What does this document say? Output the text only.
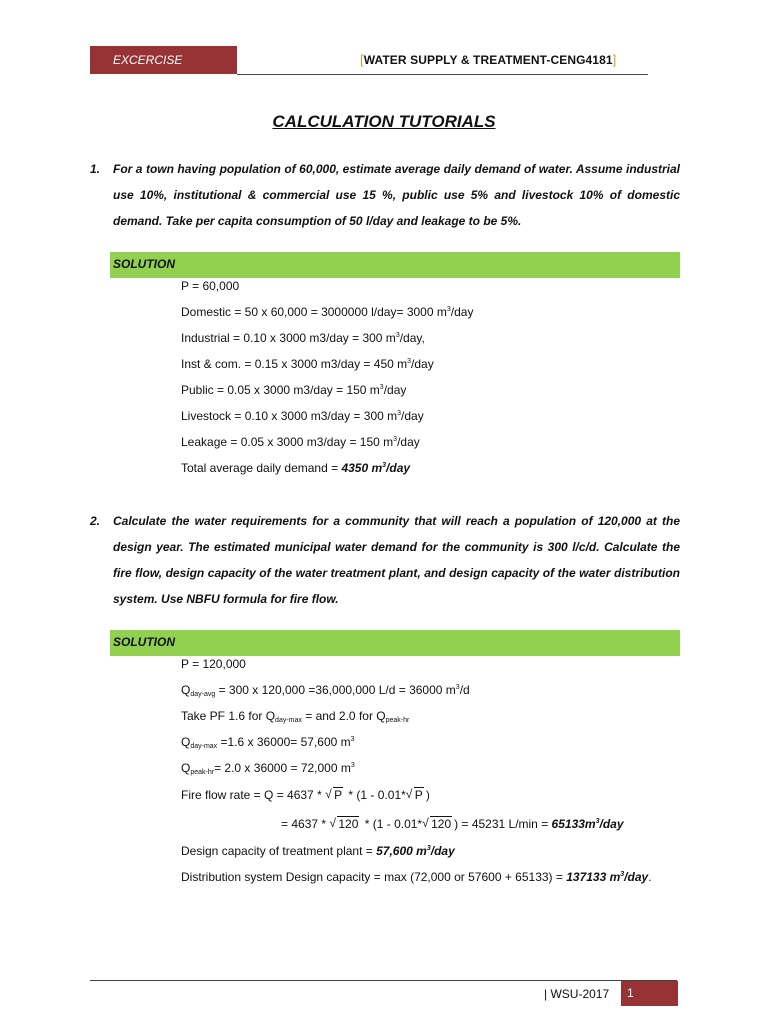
EXCERCISE	[WATER SUPPLY & TREATMENT-CENG4181]
CALCULATION TUTORIALS
1. For a town having population of 60,000, estimate average daily demand of water. Assume industrial use 10%, institutional & commercial use 15 %, public use 5% and livestock 10% of domestic demand. Take per capita consumption of 50 l/day and leakage to be 5%.
SOLUTION
P = 60,000
Domestic = 50 x 60,000 = 3000000 l/day= 3000 $m^3$/day
Industrial = 0.10 x 3000 m3/day = 300 $m^3$/day,
Inst & com. = 0.15 x 3000 m3/day = 450 $m^3$/day
Public = 0.05 x 3000 m3/day = 150 $m^3$/day
Livestock = 0.10 x 3000 m3/day = 300 $m^3$/day
Leakage = 0.05 x 3000 m3/day = 150 $m^3$/day
Total average daily demand = 4350 $m^3$/day
2. Calculate the water requirements for a community that will reach a population of 120,000 at the design year. The estimated municipal water demand for the community is 300 l/c/d. Calculate the fire flow, design capacity of the water treatment plant, and design capacity of the water distribution system. Use NBFU formula for fire flow.
SOLUTION
P = 120,000
$Q_{day-avg} = 300$ x 120,000 =36,000,000 L/d = 36000 $m^3/d$
Take PF 1.6 for $Q_{day-max}$ = and 2.0 for $Q_{peak-hr}$
$Q_{day-max} =1.6$ x 36000= 57,600 $m^3$
$Q_{peak-hr}= 2.0$ x 36000 = 72,000 $m^3$
Fire flow rate = Q = 4637 * √ P * (1 - 0.01* √ P )
= 4637 * √ 120 * (1 - 0.01* √ 120 ) = 45231 $L/\min = 65133m^3$/day
Design capacity of treatment plant = 57,600 $m^3$/day
Distribution system Design capacity = max (72,000 or 57600 + 65133) = 137133 $m^3$/day.
| WSU-2017	1
